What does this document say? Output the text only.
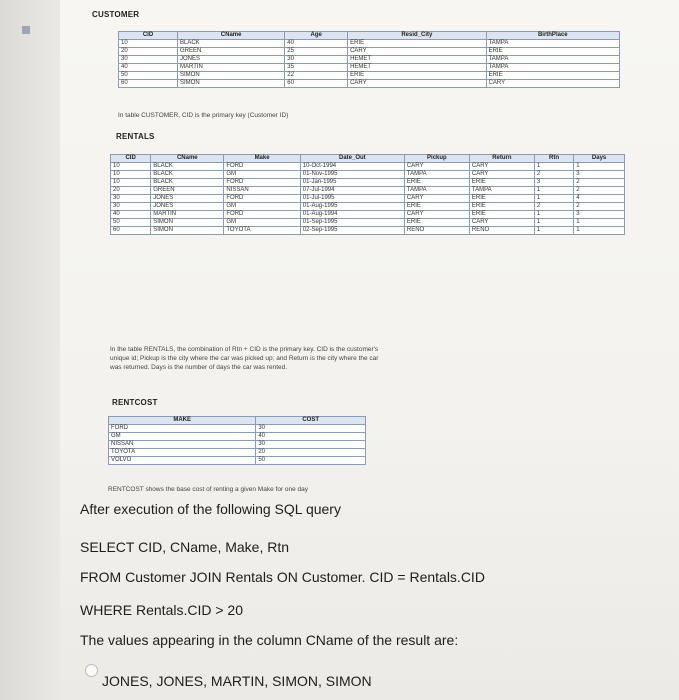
CUSTOMER
CID	CName	Age	Resid_City	BirthPlace
10	BLACK	40	ERIE	TAMPA
20	GREEN	25	CARY	ERIE
30	JONES	30	HEMET	TAMPA
40	MARTIN	35	HEMET	TAMPA
50	SIMON	22	ERIE	ERIE
60	SIMON	60	CARY	CARY
In table CUSTOMER, CID is the primary key (Customer ID)
RENTALS
CID	CName	Make	Date_Out	Pickup	Return	Rtn	Days
10	BLACK	FORD	10-Oct-1994	CARY	CARY	1	1
10	BLACK	GM	01-Nov-1995	TAMPA	CARY	2	3
10	BLACK	FORD	01-Jan-1995	ERIE	ERIE	3	2
20	GREEN	NISSAN	07-Jul-1994	TAMPA	TAMPA	1	2
30	JONES	FORD	01-Jul-1995	CARY	ERIE	1	4
30	JONES	GM	01-Aug-1995	ERIE	ERIE	2	2
40	MARTIN	FORD	01-Aug-1994	CARY	ERIE	1	3
50	SIMON	GM	01-Sep-1995	ERIE	CARY	1	1
60	SIMON	TOYOTA	02-Sep-1995	RENO	RENO	1	1
In the table RENTALS, the combination of Rtn + CID is the primary key. CID is the customer's
unique id; Pickup is the city where the car was picked up; and Return is the city where the car
was returned. Days is the number of days the car was rented.
RENTCOST
MAKE	COST
FORD	30
GM	40
NISSAN	30
TOYOTA	20
VOLVO	50
RENTCOST shows the base cost of renting a given Make for one day
After execution of the following SQL query
SELECT CID, CName, Make, Rtn
FROM Customer JOIN Rentals ON Customer. CID = Rentals.CID
WHERE Rentals.CID > 20
The values appearing in the column CName of the result are:
JONES, JONES, MARTIN, SIMON, SIMON
